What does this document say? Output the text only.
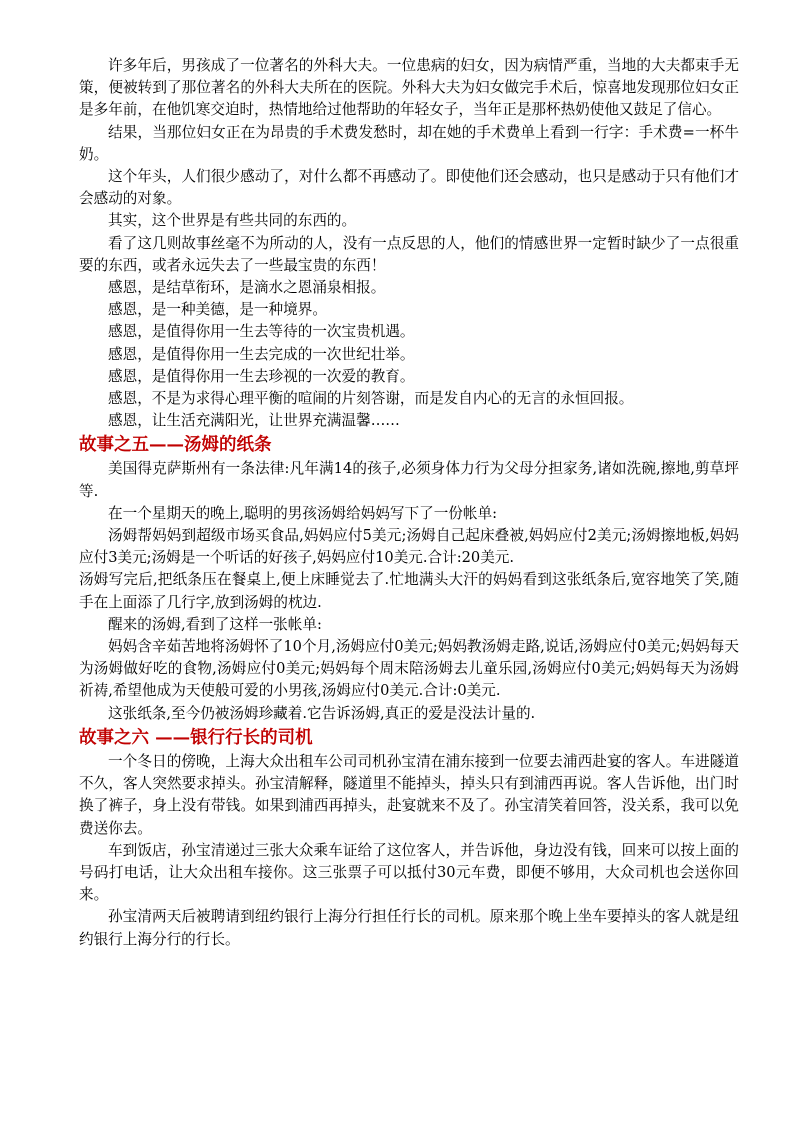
许多年后，男孩成了一位著名的外科大夫。一位患病的妇女，因为病情严重，当地的大夫都束手无策，便被转到了那位著名的外科大夫所在的医院。外科大夫为妇女做完手术后，惊喜地发现那位妇女正是多年前，在他饥寒交迫时，热情地给过他帮助的年轻女子，当年正是那杯热奶使他又鼓足了信心。

结果，当那位妇女正在为昂贵的手术费发愁时，却在她的手术费单上看到一行字：手术费=一杯牛奶。

这个年头，人们很少感动了，对什么都不再感动了。即使他们还会感动，也只是感动于只有他们才会感动的对象。

其实，这个世界是有些共同的东西的。

看了这几则故事丝毫不为所动的人，没有一点反思的人，他们的情感世界一定暂时缺少了一点很重要的东西，或者永远失去了一些最宝贵的东西！

感恩，是结草衔环，是滴水之恩涌泉相报。

感恩，是一种美德，是一种境界。

感恩，是值得你用一生去等待的一次宝贵机遇。

感恩，是值得你用一生去完成的一次世纪壮举。

感恩，是值得你用一生去珍视的一次爱的教育。

感恩，不是为求得心理平衡的喧闹的片刻答谢，而是发自内心的无言的永恒回报。

感恩，让生活充满阳光，让世界充满温馨……

故事之五——汤姆的纸条

美国得克萨斯州有一条法律:凡年满14的孩子,必须身体力行为父母分担家务,诸如洗碗,擦地,剪草坪等.

在一个星期天的晚上,聪明的男孩汤姆给妈妈写下了一份帐单:

汤姆帮妈妈到超级市场买食品,妈妈应付5美元;汤姆自己起床叠被,妈妈应付2美元;汤姆擦地板,妈妈应付3美元;汤姆是一个听话的好孩子,妈妈应付10美元.合计:20美元.

汤姆写完后,把纸条压在餐桌上,便上床睡觉去了.忙地满头大汗的妈妈看到这张纸条后,宽容地笑了笑,随手在上面添了几行字,放到汤姆的枕边.

醒来的汤姆,看到了这样一张帐单:

妈妈含辛茹苦地将汤姆怀了10个月,汤姆应付0美元;妈妈教汤姆走路,说话,汤姆应付0美元;妈妈每天为汤姆做好吃的食物,汤姆应付0美元;妈妈每个周末陪汤姆去儿童乐园,汤姆应付0美元;妈妈每天为汤姆祈祷,希望他成为天使般可爱的小男孩,汤姆应付0美元.合计:0美元.

这张纸条,至今仍被汤姆珍藏着.它告诉汤姆,真正的爱是没法计量的.

故事之六 ——银行行长的司机

一个冬日的傍晚，上海大众出租车公司司机孙宝清在浦东接到一位要去浦西赴宴的客人。车进隧道不久，客人突然要求掉头。孙宝清解释，隧道里不能掉头，掉头只有到浦西再说。客人告诉他，出门时换了裤子，身上没有带钱。如果到浦西再掉头，赴宴就来不及了。孙宝清笑着回答，没关系，我可以免费送你去。

车到饭店，孙宝清递过三张大众乘车证给了这位客人，并告诉他，身边没有钱，回来可以按上面的号码打电话，让大众出租车接你。这三张票子可以抵付30元车费，即便不够用，大众司机也会送你回来。

孙宝清两天后被聘请到纽约银行上海分行担任行长的司机。原来那个晚上坐车要掉头的客人就是纽约银行上海分行的行长。
